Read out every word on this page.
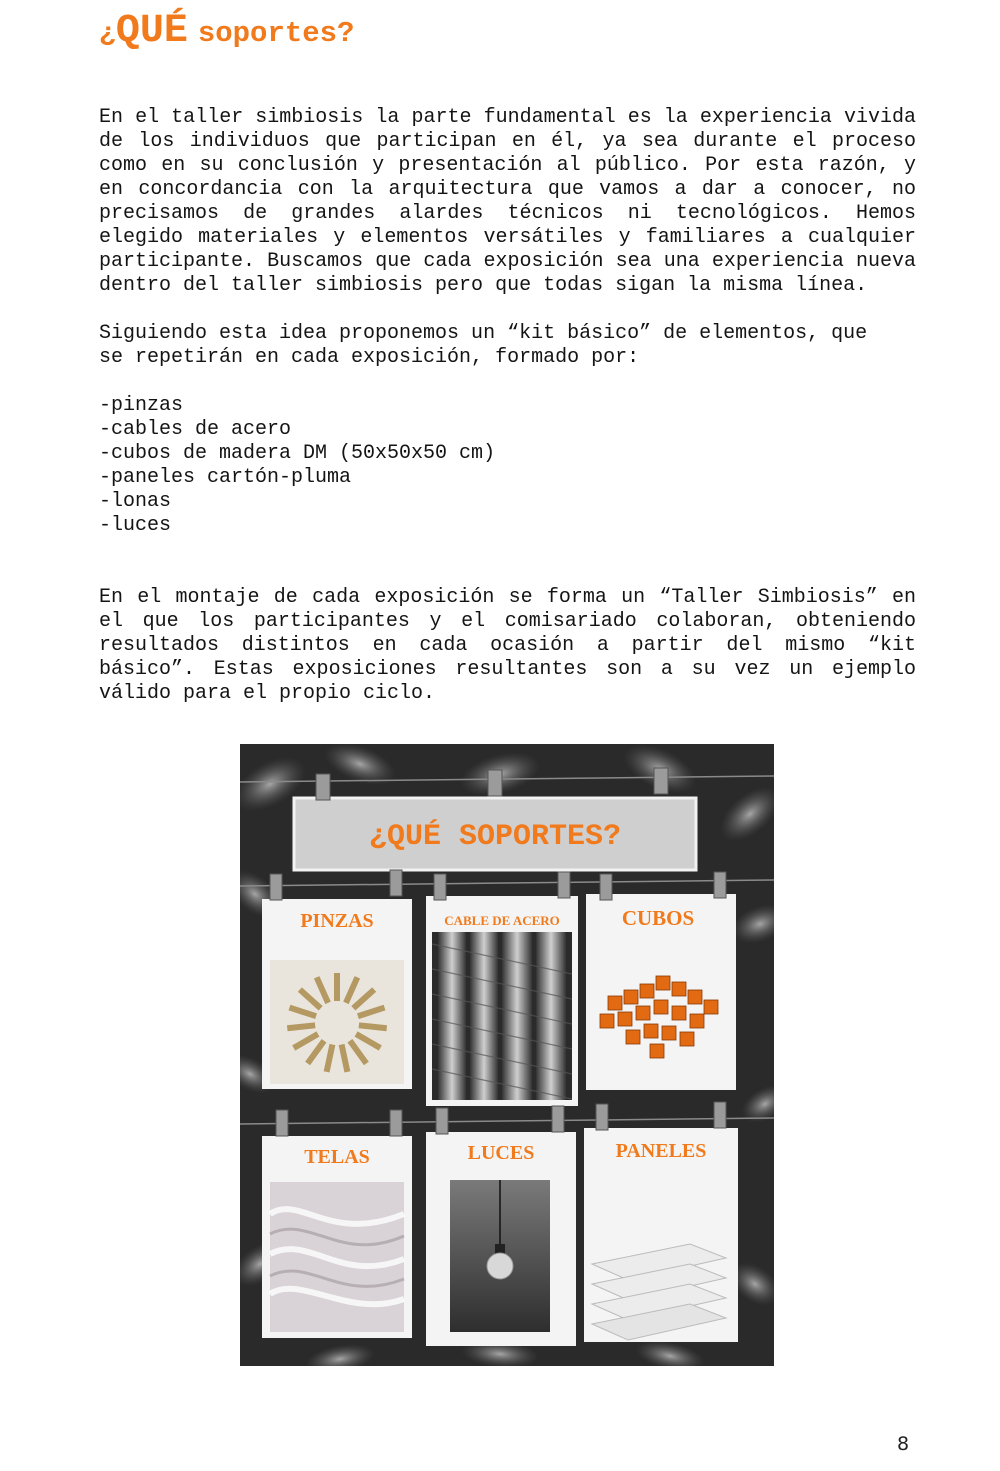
¿QUÉ soportes?

En el taller simbiosis la parte fundamental es la experiencia vivida de los individuos que participan en él, ya sea durante el proceso como en su conclusión y presentación al público. Por esta razón, y en concordancia con la arquitectura que vamos a dar a conocer, no precisamos de grandes alardes técnicos ni tecnológicos. Hemos elegido materiales y elementos versátiles y familiares a cualquier participante. Buscamos que cada exposición sea una experiencia nueva dentro del taller simbiosis pero que todas sigan la misma línea.

Siguiendo esta idea proponemos un “kit básico” de elementos, que
se repetirán en cada exposición, formado por:
-pinzas
-cables de acero
-cubos de madera DM (50x50x50 cm)
-paneles cartón-pluma
-lonas
-luces

En el montaje de cada exposición se forma un “Taller Simbiosis” en el que los participantes y el comisariado colaboran, obteniendo resultados distintos en cada ocasión a partir del mismo “kit básico”. Estas exposiciones resultantes son a su vez un ejemplo válido para el propio ciclo.

¿QUÉ SOPORTES?
PINZAS	CABLE DE ACERO	CUBOS
TELAS	LUCES	PANELES
8
